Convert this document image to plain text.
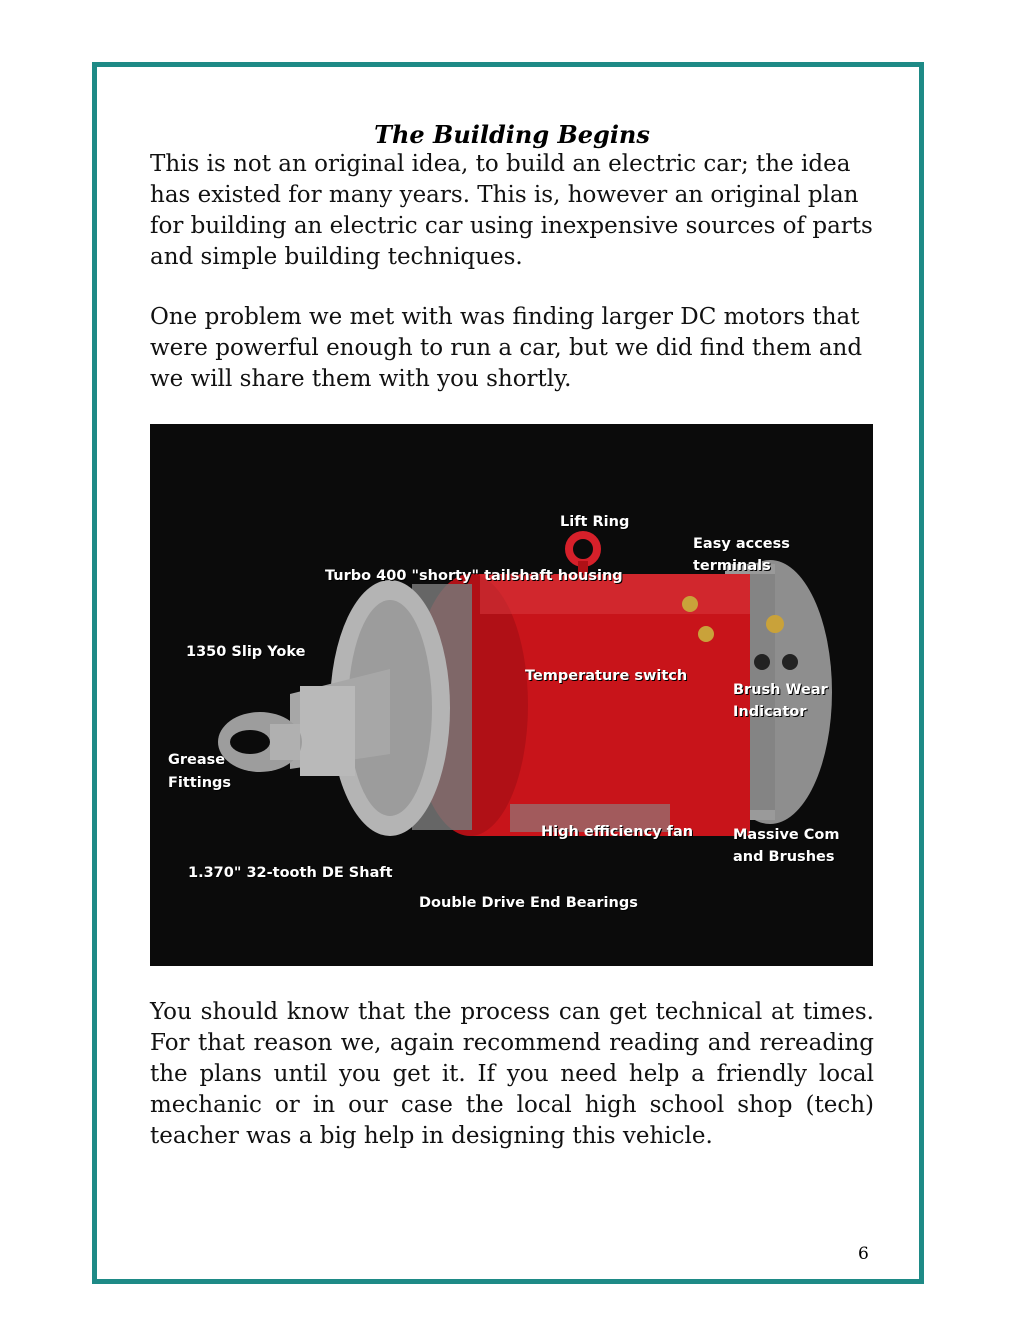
The Building Begins

This is not an original idea, to build an electric car; the idea has existed for many years. This is, however an original plan for building an electric car using inexpensive sources of parts and simple building techniques.

One problem we met with was finding larger DC motors that were powerful enough to run a car, but we did find them and we will share them with you shortly.

Lift Ring
Easy access
terminals
Turbo 400 "shorty" tailshaft housing
1350 Slip Yoke
Temperature switch
Brush Wear
Indicator
Grease
Fittings
High efficiency fan	Massive Com
and Brushes
1.370" 32-tooth DE Shaft
Double Drive End Bearings

You should know that the process can get technical at times. For that reason we, again recommend reading and rereading the plans until you get it. If you need help a friendly local mechanic or in our case the local high school shop (tech) teacher was a big help in designing this vehicle.

6
